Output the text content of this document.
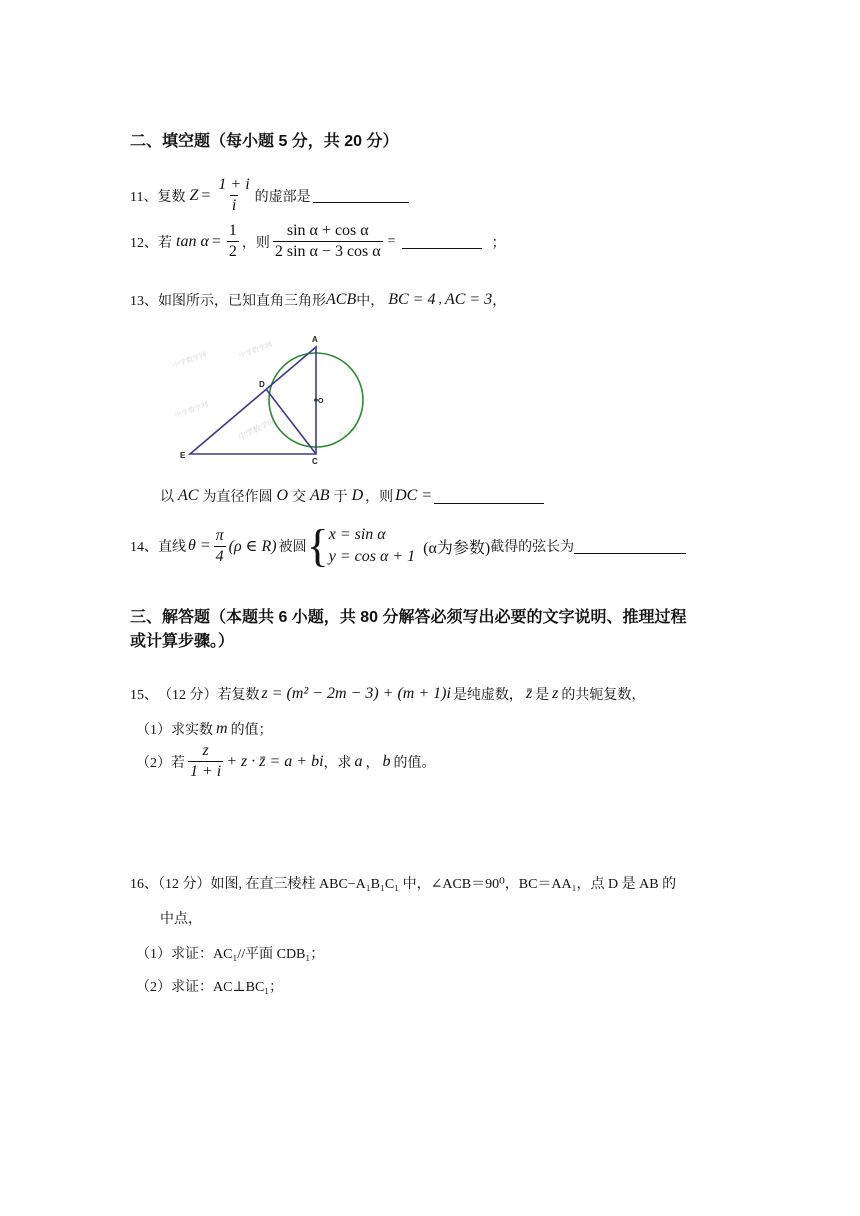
二、填空题（每小题 5 分，共 20 分）
11、 复数 $Z = \frac{1 + i}{i}$ 的虚部是
12、 若 $\tan \alpha = \frac{1}{2}$ ，则 $\frac{\text{sin α + cos α}}{\text{2 sin α − 3 cos α}}$ =	；
13、 如图所示，已知直角三角形 ACB 中， BC = 4 , AC = 3 ，
中学数学网
中学数学网
中学数学网
中学数学网	数学网
A
D
O
E
C
以 AC 为直径作圆 O 交 AB 于 D ，则 DC =
14、 直线 $\theta = \frac{\pi}{4} (\rho$ ∈ R) 被圆 { x = sin α
y = cos α + 1 (α为参数) 截得的弦长为
三、解答题（本题共 6 小题，共 80 分解答必须写出必要的文字说明、推理过程
或计算步骤。）
15、 （12 分）若复数 z = (m² − 2m − 3) + (m + 1)i 是纯虚数， z̄ 是 z 的共轭复数，
（1）求实数 m 的值；
（2）若 $\frac{z}{1 + i} + z$ · z̄ = a + bi ，求 a ， b 的值。
16、（12 分）如图, 在直三棱柱 ABC−A₁B₁C₁ 中，∠ACB＝90⁰，BC＝AA₁，点 D 是 AB 的
中点，
（1）求证：AC₁//平面 CDB₁；
（2）求证：AC⊥BC₁；
